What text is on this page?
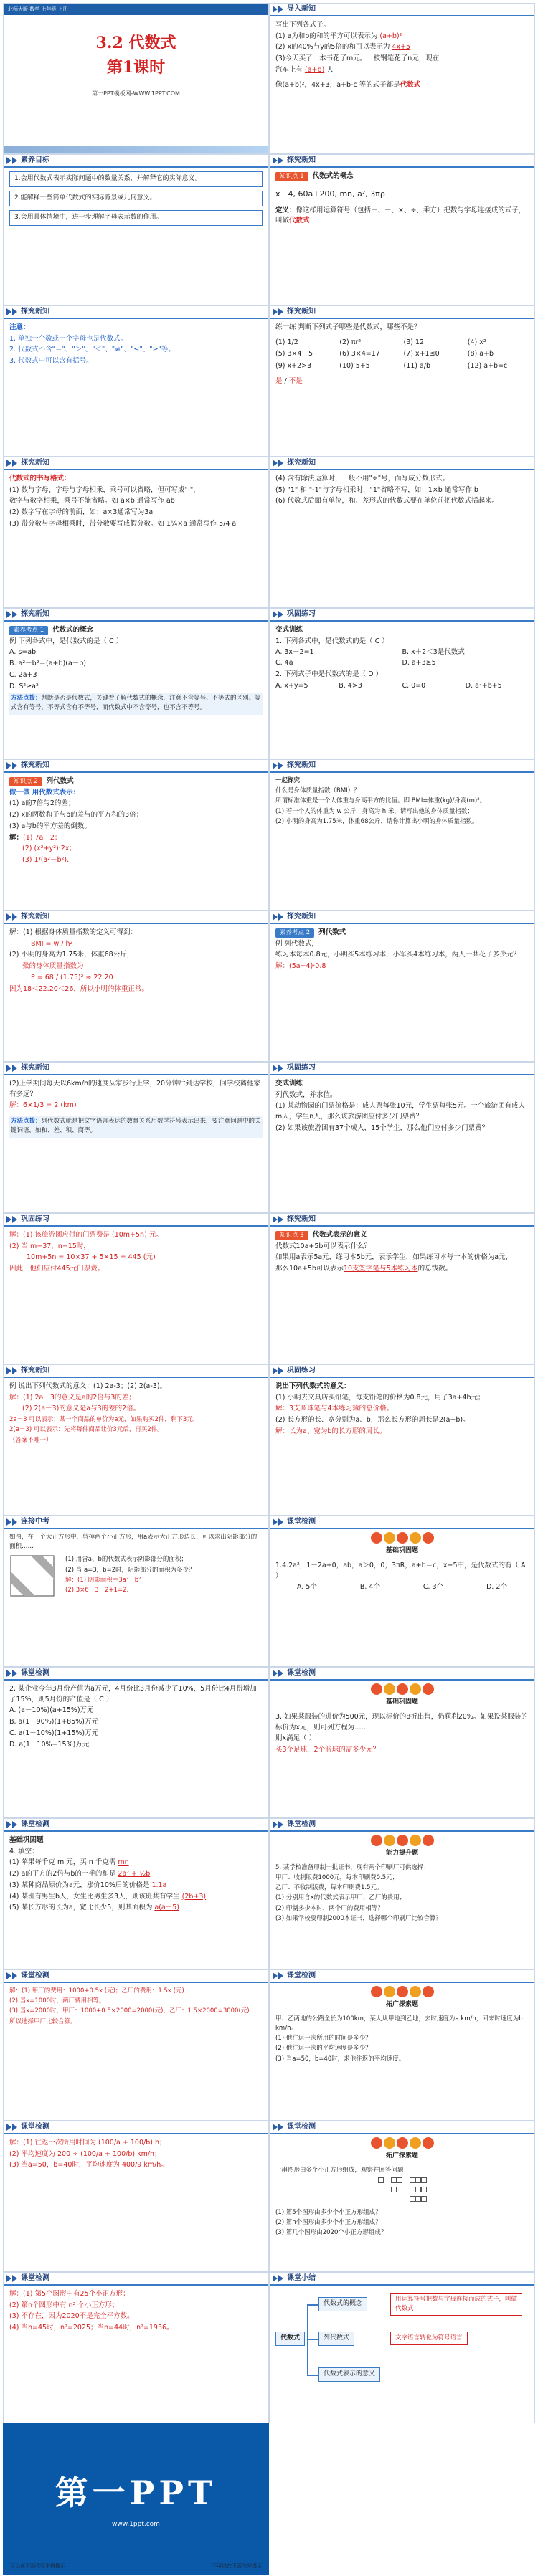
北师大版 数学 七年级 上册
3.2 代数式
第1课时
第一PPT模板网-WWW.1PPT.COM
导入新知
写出下列各式子。
(1) a为和b的和的平方可以表示为 (a+b)²
(2) x的40%与y的5倍的和可以表示为 4x+5
(3)今天买了一本书花了m元。一枝钢笔花了n元，现在
汽车上有 (a+b) 人
像(a+b)²，4x+3，a+b-c 等的式子都是代数式
素养目标
1.会用代数式表示实际问题中的数量关系，并解释它的实际意义。
2.能解释一些简单代数式的实际背景或几何意义。
3.会用具体情境中，进一步理解字母表示数的作用。
探究新知
知识点 1 代数式的概念
x－4, 60a+200, mn, a², 3πρ
定义：像这样用运算符号（包括＋、－、×、÷、乘方）把数与字母连接成的式子，叫做代数式
探究新知
注意：
1. 单独一个数或一个字母也是代数式。
2. 代数式不含"＝"、"＞"、"＜"、"≠"、"≤"、"≥"等。
3. 代数式中可以含有括号。
探究新知
练一练 判断下列式子哪些是代数式，哪些不是？
(1) 1/2	(2) πr²	(3) 12	(4) x²
(5) 3×4－5	(6) 3×4=17	(7) x+1≤0	(8) a+b
(9) x+2>3	(10) 5+5	(11) a/b	(12) a+b=c
是 / 不是
探究新知
代数式的书写格式：
(1) 数与字母、字母与字母相乘，乘号可以省略，但可写成"·"，
数字与数字相乘，乘号不能省略。如 a×b 通常写作 ab
(2) 数字写在字母的前面，如：a×3通常写为3a
(3) 带分数与字母相乘时，带分数要写成假分数。如 1¼×a 通常写作 5/4 a
探究新知
(4) 含有除法运算时，一般不用"÷"号，而写成分数形式。
(5) "1" 和 "-1"与字母相乘时，"1"省略不写，如：1×b 通常写作 b
(6) 代数式后面有单位，和、差形式的代数式要在单位前把代数式括起来。
探究新知
素养考点 1 代数式的概念
例 下列各式中，是代数式的是（ C ）
A. s=ab
B. a²－b²＝(a+b)(a－b)
C. 2a+3
D. S²≥a²
方法点拨：判断是否是代数式，关键看了解代数式的概念，注意不含等号、不等式的区别。等式含有等号，不等式含有不等号，而代数式中不含等号，也不含不等号。
巩固练习
变式训练
1. 下列各式中，是代数式的是（ C ）
A. 3x－2=1	B. x＋2＜3是代数式
C. 4a	D. a+3≥5
2. 下列式子中是代数式的是（ D ）
A. x+y=5	B. 4>3	C. 0=0	D. a²+b+5
探究新知
知识点 2 列代数式
做一做 用代数式表示：
(1) a的7倍与2的差；
(2) x的两数和子与b的差与的平方和的3倍；
(3) a与b的平方差的倒数。
解：(1) 7a－2；
(2) (x²+y²)·2x；
(3) 1/(a²－b²).
探究新知
一起探究
什么是身体质量指数（BMI）？
所谓标准体重是一个人体重与身高平方的比值。即 BMI=体重(kg)/身高(m)²。
(1) 若一个人的体重为 w 公斤，身高为 h 米，请写出他的身体质量指数；
(2) 小明的身高为1.75米，体重68公斤，请你计算出小明的身体质量指数。
探究新知
解：(1) 根据身体质量指数的定义可得到：
BMI = w / h²
(2) 小明的身高为1.75米，体重68公斤，
张的身体质量指数为
P = 68 / (1.75)² ≈ 22.20
因为18＜22.20＜26，所以小明的体重正常。
探究新知
素养考点 2 列代数式
例 列代数式，
练习本每本0.8元，小明买5本练习本，小军买4本练习本，两人一共花了多少元？
解：(5a+4)·0.8
探究新知
(2)上学期间每天以6km/h的速度从家步行上学，20分钟后到达学校，问学校离他家有多远？
解：6×1/3 = 2 (km)
方法点拨：列代数式就是把文字语言表达的数量关系用数学符号表示出来，要注意问题中的关键词语，如和、差、积、商等。
巩固练习
变式训练
列代数式，并求值。
(1) 某动物园的门票价格是：成人票每张10元，学生票每张5元。一个旅游团有成人m人，学生n人，那么该旅游团应付多少门票费？
(2) 如果该旅游团有37个成人，15个学生，那么他们应付多少门票费？
巩固练习
解：(1) 该旅游团应付的门票费是 (10m+5n) 元。
(2) 当 m=37，n=15时，
10m+5n = 10×37 + 5×15 = 445 (元)
因此，他们应付445元门票费。
探究新知
知识点 3 代数式表示的意义
代数式10a+5b可以表示什么？
如果用a表示5a元，练习本5b元，表示学生，如果练习本每一本的价格为a元，
那么10a+5b可以表示10支签字笔与5本练习本的总钱数。
探究新知
例 说出下列代数式的意义：(1) 2a-3；(2) 2(a-3)。
解：(1) 2a－3的意义是a的2倍与3的差；
(2) 2(a－3)的意义是a与3的差的2倍。
2a－3 可以表示：某一个商品的单价为a元，如果购买2件，剩下3元，
2(a－3) 可以表示：先将每件商品让价3元后，再买2件。
（答案不唯一）
巩固练习
说出下列代数式的意义：
(1) 小明去文具店买铅笔，每支铅笔的价格为0.8元，用了3a+4b元；
解：3支圆珠笔与4本练习簿的总价格。
(2) 长方形的长、宽分别为a、b，那么长方形的周长是2(a+b)。
解：长为a、宽为b的长方形的周长。
连接中考
如图，在一个大正方形中，剪掉两个小正方形，用a表示大正方形边长，可以求出阴影部分的面积……
(1) 用含a、b的代数式表示阴影部分的面积；
(2) 当 a=3，b=2时，阴影部分的面积为多少？
解：(1) 阴影面积＝3a²－b²
(2) 3×6－3－2+1=2.
课堂检测
基础巩固题
1.4.2a²，1－2a+0，ab，a＞0，0，3πR，a+b＝c，x+5中，是代数式的有（ A ）
A. 5个	B. 4个	C. 3个	D. 2个
课堂检测
2. 某企业今年3月份产值为a万元，4月份比3月份减少了10%，5月份比4月份增加了15%，则5月份的产值是（ C ）
A. (a－10%)(a+15%)万元
B. a(1－90%)(1+85%)万元
C. a(1－10%)(1+15%)万元
D. a(1－10%+15%)万元
课堂检测
基础巩固题
3. 如果某服装的进价为500元，现以标价的8折出售，仍获利20%。如果设某服装的标价为x元，则可列方程为……
则x满足（ ）
买3个足球，2个篮球的需多少元？
课堂检测
基础巩固题
4. 填空：
(1) 苹果每千克 m 元，买 n 千克需 mn
(2) a的平方的2倍与b的一半的和是 2a² + ½b
(3) 某种商品原价为a元，涨价10%后的价格是 1.1a
(4) 某班有男生b人，女生比男生多3人，则该班共有学生 (2b+3)
(5) 某长方形的长为a，宽比长少5，则其面积为 a(a－5)
课堂检测
能力提升题
5. 某学校准备印制一批证书，现有两个印刷厂可供选择：
甲厂：收制版费1000元，每本印刷费0.5元；
乙厂：不收制版费，每本印刷费1.5元。
(1) 分别用含x的代数式表示甲厂、乙厂的费用；
(2) 印制多少本时，两个厂的费用相等？
(3) 如果学校要印制2000本证书，选择哪个印刷厂比较合算？
课堂检测
解：(1) 甲厂的费用：1000+0.5x (元)；乙厂的费用：1.5x (元)
(2) 当x=1000时，两厂费用相等。
(3) 当x=2000时，甲厂：1000+0.5×2000=2000(元)，乙厂：1.5×2000=3000(元)
所以选择甲厂比较合算。
课堂检测
拓广探索题
甲、乙两地的公路全长为100km，某人从甲地到乙地，去时速度为a km/h，回来时速度为b km/h。
(1) 他往返一次所用的时间是多少？
(2) 他往返一次的平均速度是多少？
(3) 当a=50，b=40时，求他往返的平均速度。
课堂检测
解：(1) 往返一次所用时间为 (100/a + 100/b) h；
(2) 平均速度为 200 ÷ (100/a + 100/b) km/h；
(3) 当a=50，b=40时，平均速度为 400/9 km/h。
课堂检测
拓广探索题
一串图形由多个小正方形组成，观察并回答问题：

(1) 第5个图形由多少个小正方形组成？
(2) 第n个图形由多少个小正方形组成？
(3) 第几个图形由2020个小正方形组成？
课堂检测
解：(1) 第5个图形中有25个小正方形；
(2) 第n个图形中有 n² 个小正方形；
(3) 不存在，因为2020不是完全平方数。
(4) 当n=45时，n²=2025；当n=44时，n²=1936。
课堂小结
代数式
代数式的概念
列代数式
代数式表示的意义
用运算符号把数与字母连接而成的式子，叫做代数式
文字语言转化为符号语言
第一PPT
www.1ppt.com
可以在下面改写字符提示	不可以在下面改写提示
